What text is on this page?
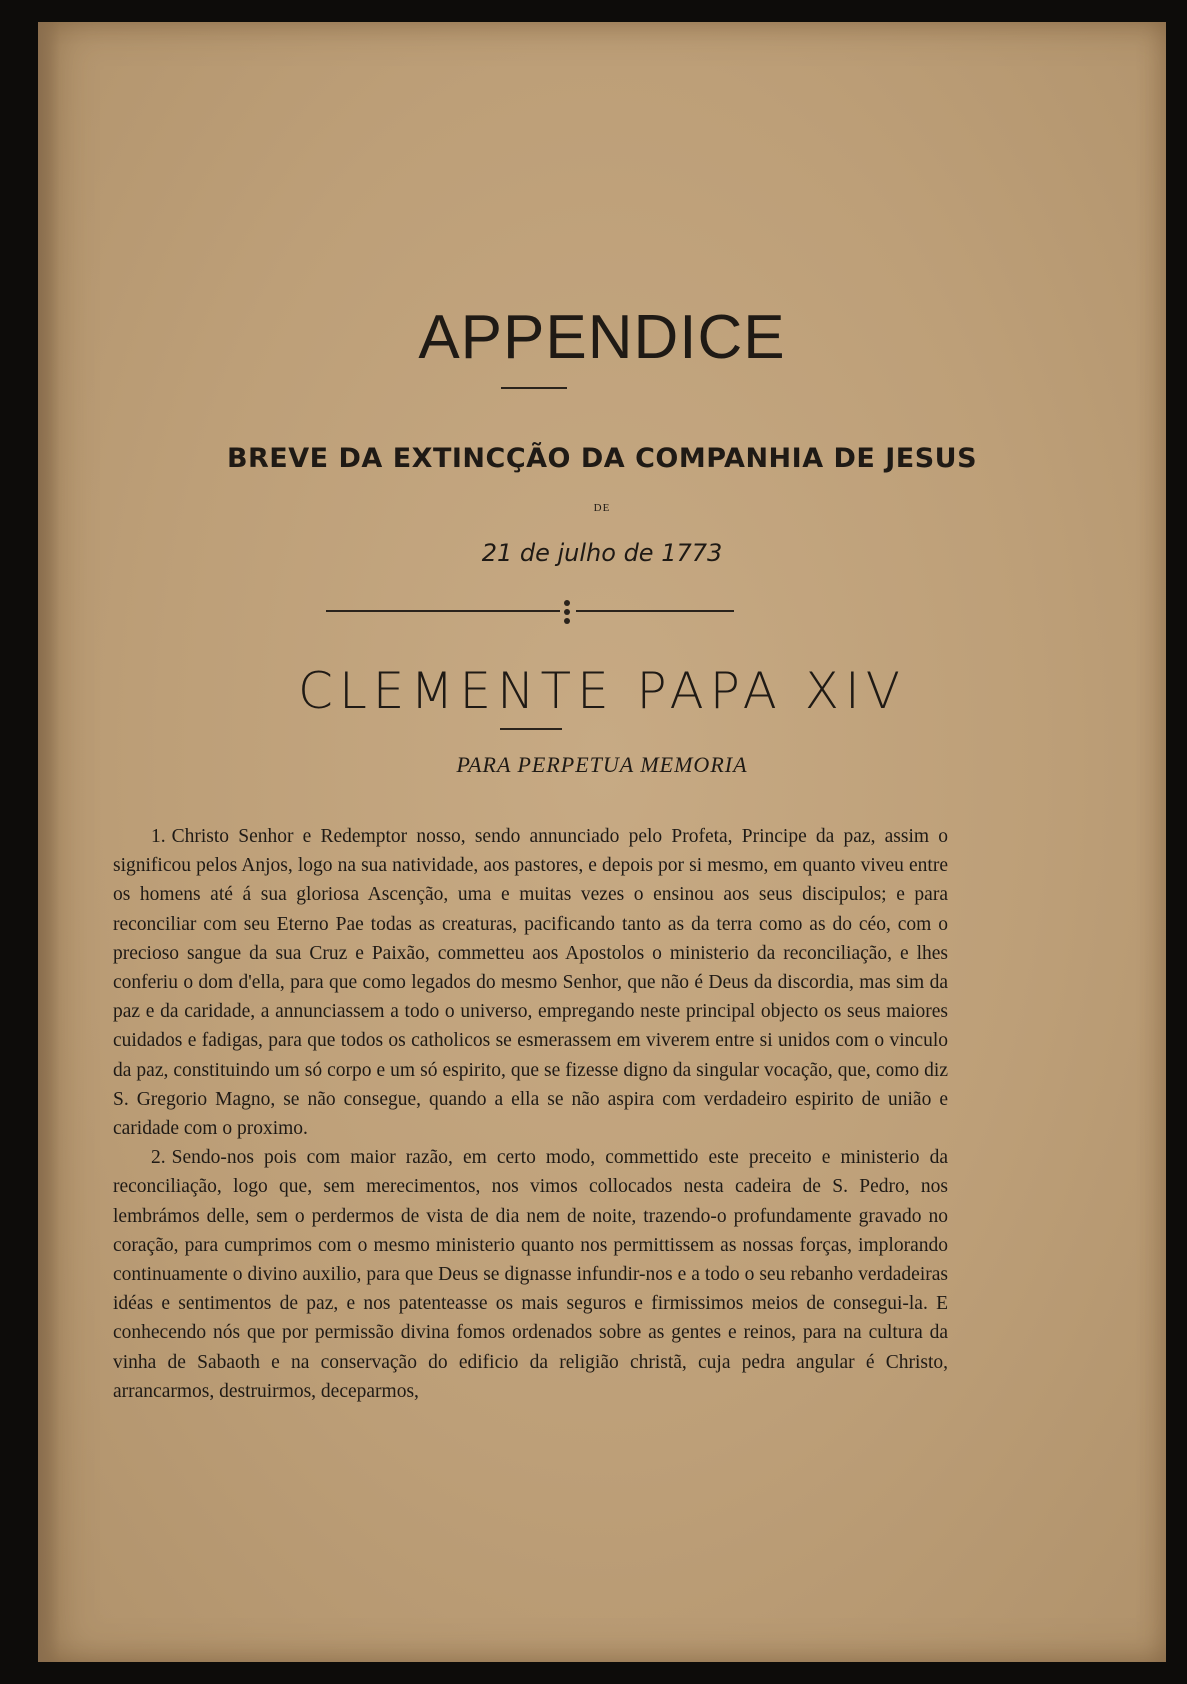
APPENDICE
BREVE DA EXTINCÇÃO DA COMPANHIA DE JESUS
DE
21 de julho de 1773
CLEMENTE PAPA XIV
PARA PERPETUA MEMORIA

1. Christo Senhor e Redemptor nosso, sendo annunciado pelo Profeta, Principe da paz, assim o significou pelos Anjos, logo na sua natividade, aos pastores, e depois por si mesmo, em quanto viveu entre os homens até á sua gloriosa Ascenção, uma e muitas vezes o ensinou aos seus discipulos; e para reconciliar com seu Eterno Pae todas as creaturas, pacificando tanto as da terra como as do céo, com o precioso sangue da sua Cruz e Paixão, commetteu aos Apostolos o ministerio da reconciliação, e lhes conferiu o dom d'ella, para que como legados do mesmo Senhor, que não é Deus da discordia, mas sim da paz e da caridade, a annunciassem a todo o universo, empregando neste principal objecto os seus maiores cuidados e fadigas, para que todos os catholicos se esmerassem em viverem entre si unidos com o vinculo da paz, constituindo um só corpo e um só espirito, que se fizesse digno da singular vocação, que, como diz S. Gregorio Magno, se não consegue, quando a ella se não aspira com verdadeiro espirito de união e caridade com o proximo.

2. Sendo-nos pois com maior razão, em certo modo, commettido este preceito e ministerio da reconciliação, logo que, sem merecimentos, nos vimos collocados nesta cadeira de S. Pedro, nos lembrámos delle, sem o perdermos de vista de dia nem de noite, trazendo-o profundamente gravado no coração, para cumprimos com o mesmo ministerio quanto nos permittissem as nossas forças, implorando continuamente o divino auxilio, para que Deus se dignasse infundir-nos e a todo o seu rebanho verdadeiras idéas e sentimentos de paz, e nos patenteasse os mais seguros e firmissimos meios de consegui-la. E conhecendo nós que por permissão divina fomos ordenados sobre as gentes e reinos, para na cultura da vinha de Sabaoth e na conservação do edificio da religião christã, cuja pedra angular é Christo, arrancarmos, destruirmos, deceparmos,
